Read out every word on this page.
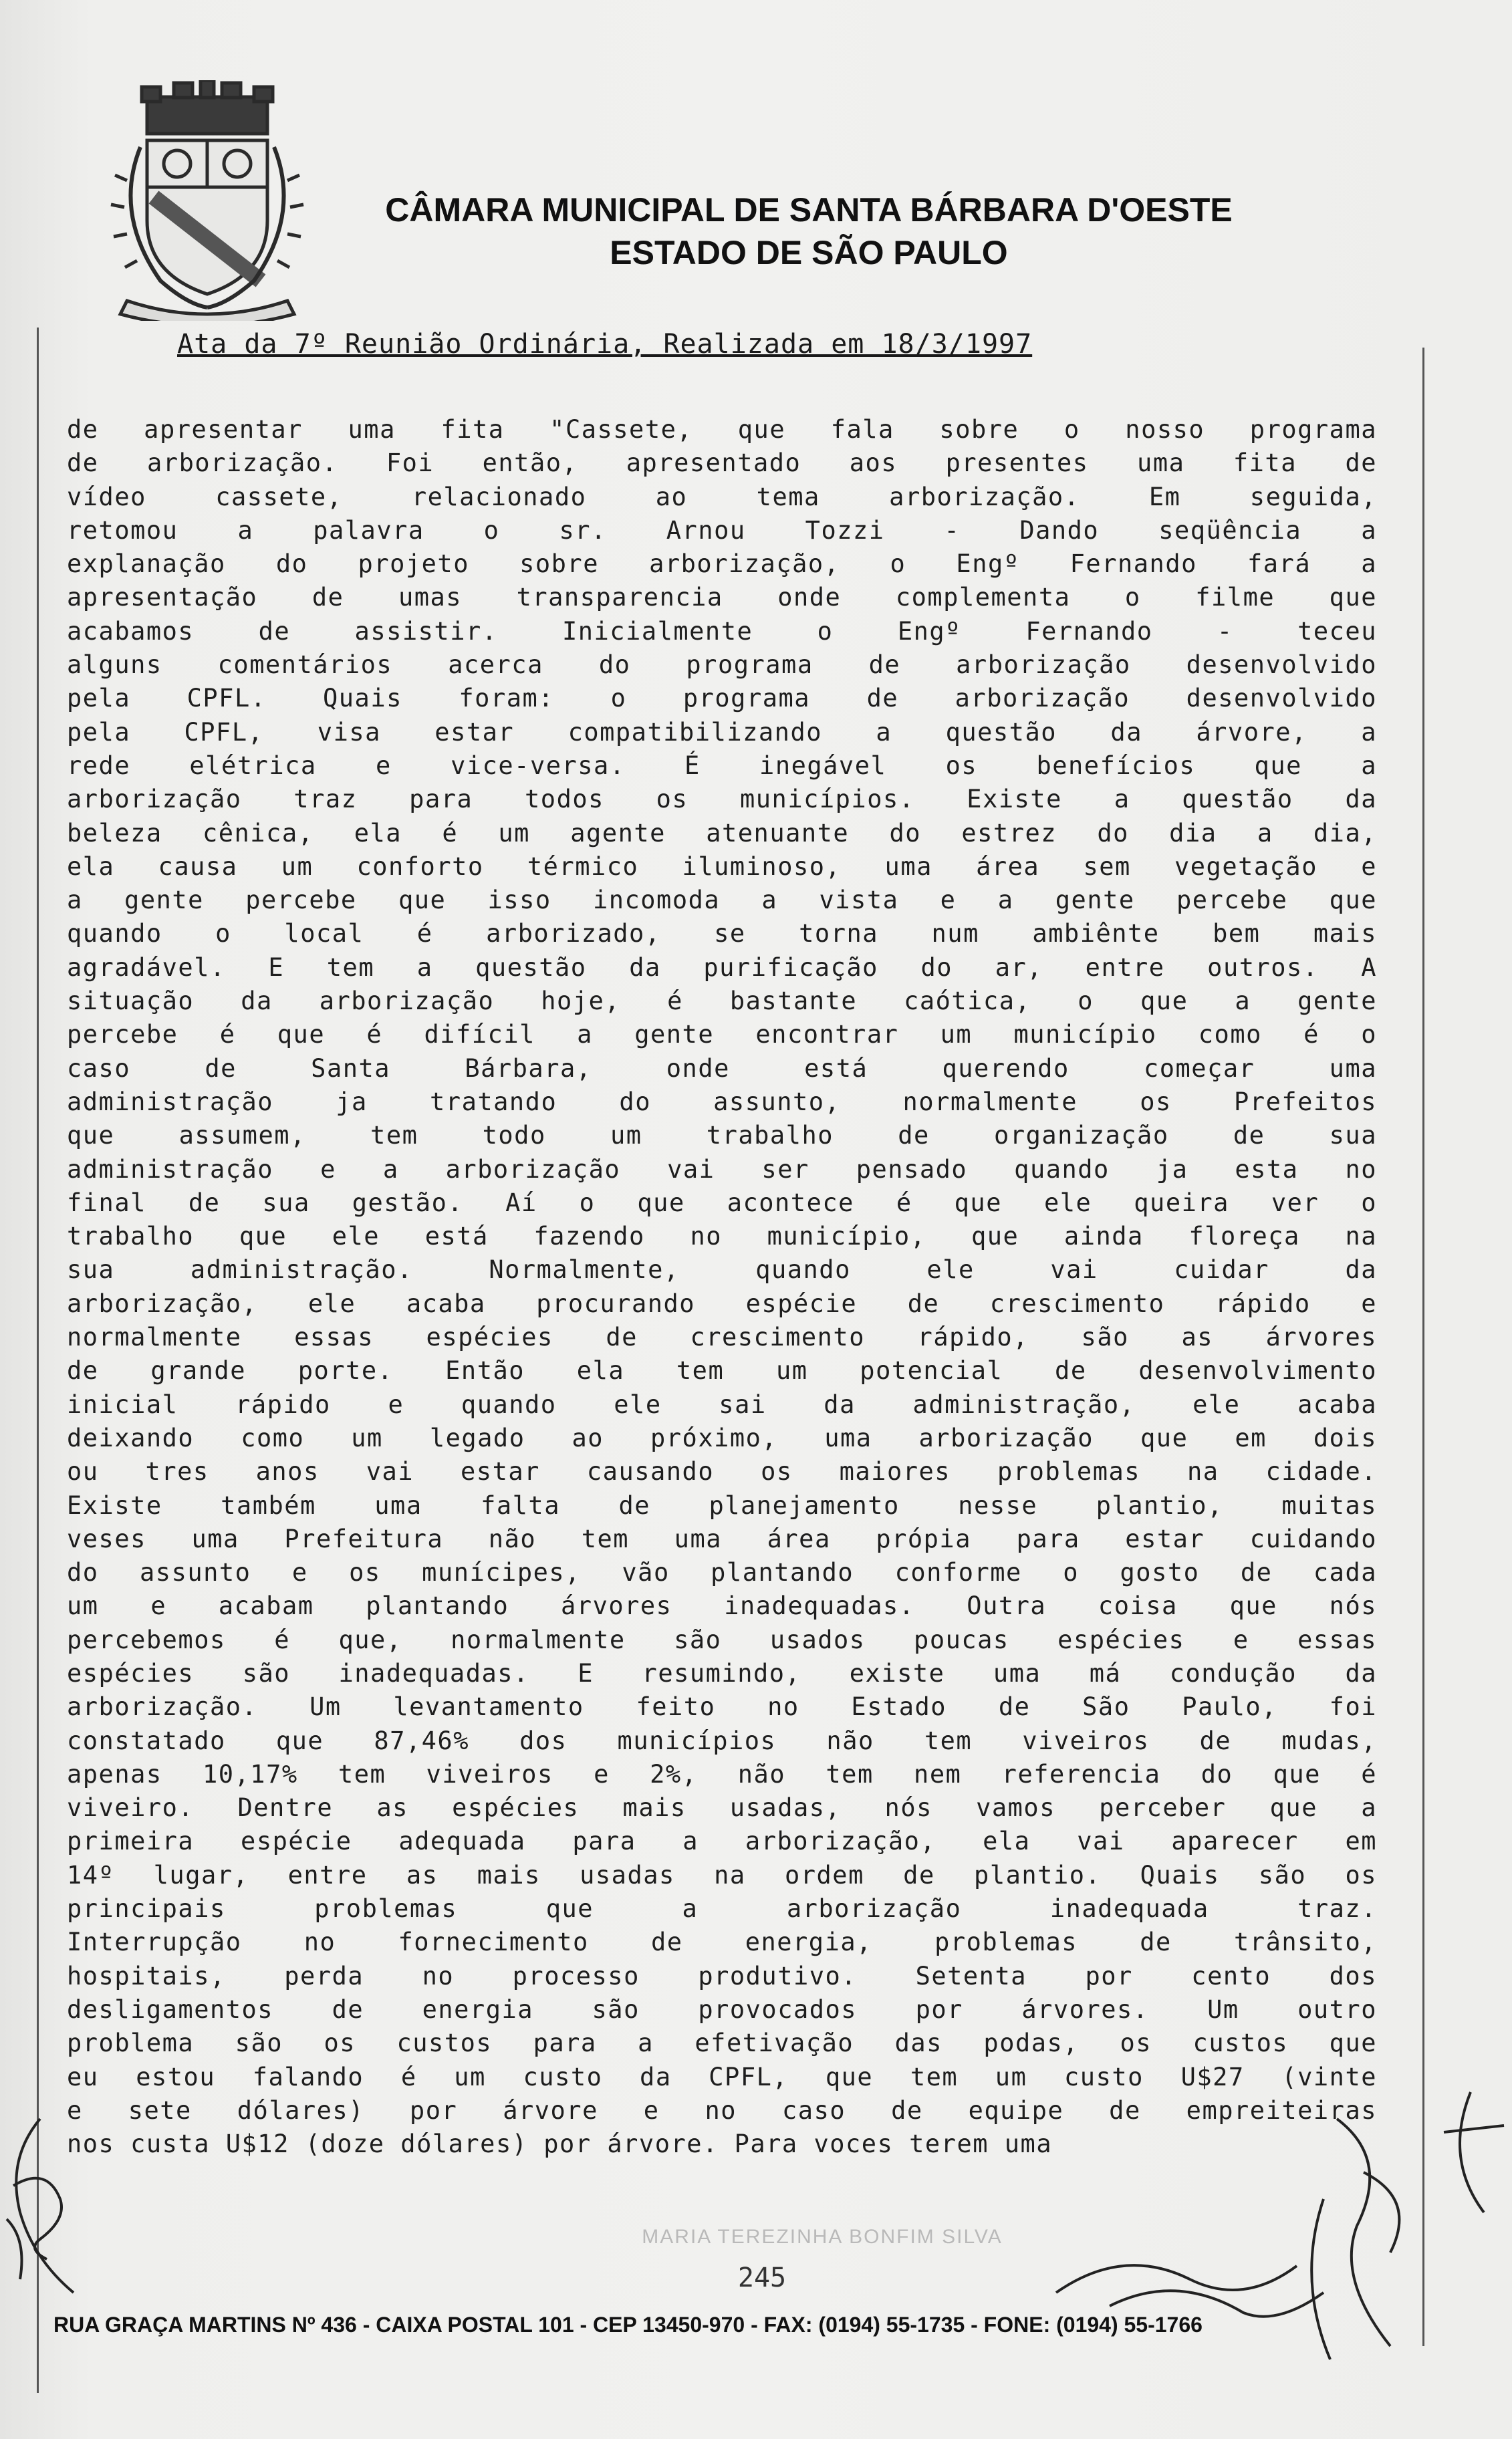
CÂMARA MUNICIPAL DE SANTA BÁRBARA D'OESTE
ESTADO DE SÃO PAULO
Ata da 7º Reunião Ordinária, Realizada em 18/3/1997
de apresentar uma fita "Cassete, que fala sobre o nosso programa
de arborização. Foi então, apresentado aos presentes uma fita de
vídeo cassete, relacionado ao tema arborização. Em seguida,
retomou a palavra o sr. Arnou Tozzi - Dando seqüência a
explanação do projeto sobre arborização, o Engº Fernando fará a
apresentação de umas transparencia onde complementa o filme que
acabamos de assistir. Inicialmente o Engº Fernando - teceu
alguns comentários acerca do programa de arborização desenvolvido
pela CPFL. Quais foram: o programa de arborização desenvolvido
pela CPFL, visa estar compatibilizando a questão da árvore, a
rede elétrica e vice-versa. É inegável os benefícios que a
arborização traz para todos os municípios. Existe a questão da
beleza cênica, ela é um agente atenuante do estrez do dia a dia,
ela causa um conforto térmico iluminoso, uma área sem vegetação e
a gente percebe que isso incomoda a vista e a gente percebe que
quando o local é arborizado, se torna num ambiênte bem mais
agradável. E tem a questão da purificação do ar, entre outros. A
situação da arborização hoje, é bastante caótica, o que a gente
percebe é que é difícil a gente encontrar um município como é o
caso de Santa Bárbara, onde está querendo começar uma
administração ja tratando do assunto, normalmente os Prefeitos
que assumem, tem todo um trabalho de organização de sua
administração e a arborização vai ser pensado quando ja esta no
final de sua gestão. Aí o que acontece é que ele queira ver o
trabalho que ele está fazendo no município, que ainda floreça na
sua administração. Normalmente, quando ele vai cuidar da
arborização, ele acaba procurando espécie de crescimento rápido e
normalmente essas espécies de crescimento rápido, são as árvores
de grande porte. Então ela tem um potencial de desenvolvimento
inicial rápido e quando ele sai da administração, ele acaba
deixando como um legado ao próximo, uma arborização que em dois
ou tres anos vai estar causando os maiores problemas na cidade.
Existe também uma falta de planejamento nesse plantio, muitas
veses uma Prefeitura não tem uma área própia para estar cuidando
do assunto e os munícipes, vão plantando conforme o gosto de cada
um e acabam plantando árvores inadequadas. Outra coisa que nós
percebemos é que, normalmente são usados poucas espécies e essas
espécies são inadequadas. E resumindo, existe uma má condução da
arborização. Um levantamento feito no Estado de São Paulo, foi
constatado que 87,46% dos municípios não tem viveiros de mudas,
apenas 10,17% tem viveiros e 2%, não tem nem referencia do que é
viveiro. Dentre as espécies mais usadas, nós vamos perceber que a
primeira espécie adequada para a arborização, ela vai aparecer em
14º lugar, entre as mais usadas na ordem de plantio. Quais são os
principais problemas que a arborização inadequada traz.
Interrupção no fornecimento de energia, problemas de trânsito,
hospitais, perda no processo produtivo. Setenta por cento dos
desligamentos de energia são provocados por árvores. Um outro
problema são os custos para a efetivação das podas, os custos que
eu estou falando é um custo da CPFL, que tem um custo U$27 (vinte
e sete dólares) por árvore e no caso de equipe de empreiteiras
nos custa U$12 (doze dólares) por árvore. Para voces terem uma
MARIA TEREZINHA BONFIM SILVA
245
RUA GRAÇA MARTINS Nº 436 - CAIXA POSTAL 101 - CEP 13450-970 - FAX: (0194) 55-1735 - FONE: (0194) 55-1766
